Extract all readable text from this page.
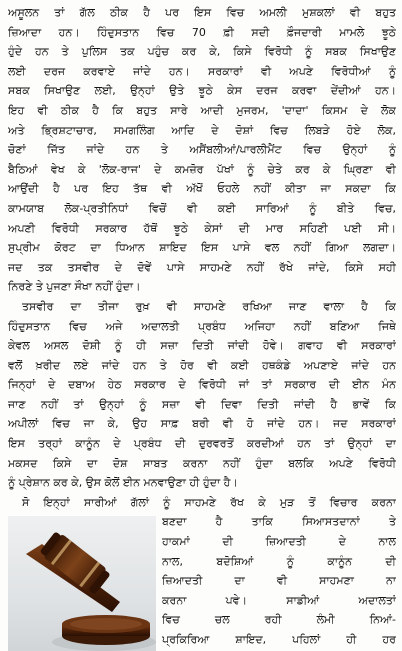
ਅਸੂਲਨ ਤਾਂ ਗੱਲ ਠੀਕ ਹੈ ਪਰ ਇਸ ਵਿਚ ਅਮਲੀ ਮੁਸ਼ਕਲਾਂ ਵੀ ਬਹੁਤ
ਜ਼ਿਆਦਾ ਹਨ। ਹਿੰਦੁਸਤਾਨ ਵਿਚ 70 ਫ਼ੀ ਸਦੀ ਫ਼ੌਜਦਾਰੀ ਮਾਮਲੇ ਝੂਠੇ
ਹੁੰਦੇ ਹਨ ਤੇ ਪੁਲਿਸ ਤਕ ਪਹੁੰਚ ਕਰ ਕੇ, ਕਿਸੇ ਵਿਰੋਧੀ ਨੂੰ ਸਬਕ ਸਿਖਾਉਣ
ਲਈ ਦਰਜ ਕਰਵਾਏ ਜਾਂਦੇ ਹਨ। ਸਰਕਾਰਾਂ ਵੀ ਅਪਣੇ ਵਿਰੋਧੀਆਂ ਨੂੰ
ਸਬਕ ਸਿਖਾਉਣ ਲਈ, ਉਨ੍ਹਾਂ ਉਤੇ ਝੂਠੇ ਕੇਸ ਦਰਜ ਕਰਵਾ ਦੇਂਦੀਆਂ ਹਨ।
ਇਹ ਵੀ ਠੀਕ ਹੈ ਕਿ ਬਹੁਤ ਸਾਰੇ ਆਦੀ ਮੁਜਰਮ, 'ਦਾਦਾ' ਕਿਸਮ ਦੇ ਲੋਕ
ਅਤੇ ਭ੍ਰਿਸ਼ਟਾਚਾਰ, ਸਮਗਲਿੰਗ ਆਦਿ ਦੇ ਦੋਸ਼ਾਂ ਵਿਚ ਲਿਬੜੇ ਹੋਏ ਲੋਕ,
ਚੋਣਾਂ ਜਿੱਤ ਜਾਂਦੇ ਹਨ ਤੇ ਅਸੈਂਬਲੀਆਂ/ਪਾਰਲੀਮੈਂਟ ਵਿਚ ਉਨ੍ਹਾਂ ਨੂੰ
ਬੈਠਿਆਂ ਵੇਖ ਕੇ 'ਲੋਕ-ਰਾਜ' ਦੇ ਕਮਜ਼ੋਰ ਪੱਖਾਂ ਨੂੰ ਚੇਤੇ ਕਰ ਕੇ ਘ੍ਰਿਣਾ ਵੀ
ਆਉਂਦੀ ਹੈ ਪਰ ਇਹ ਤੱਥ ਵੀ ਅੱਖੋਂ ਓਹਲੇ ਨਹੀਂ ਕੀਤਾ ਜਾ ਸਕਦਾ ਕਿ
ਕਾਮਯਾਬ ਲੋਕ-ਪ੍ਰਤੀਨਿਧਾਂ ਵਿਚੋਂ ਵੀ ਕਈ ਸਾਰਿਆਂ ਨੂੰ ਬੀਤੇ ਵਿਚ,
ਅਪਣੀ ਵਿਰੋਧੀ ਸਰਕਾਰ ਹੱਥੋਂ ਝੂਠੇ ਕੇਸਾਂ ਦੀ ਮਾਰ ਸਹਿਣੀ ਪਈ ਸੀ।
ਸੁਪ੍ਰੀਮ ਕੋਰਟ ਦਾ ਧਿਆਨ ਸ਼ਾਇਦ ਇਸ ਪਾਸੇ ਵਲ ਨਹੀਂ ਗਿਆ ਲਗਦਾ।
ਜਦ ਤਕ ਤਸਵੀਰ ਦੇ ਦੋਵੇਂ ਪਾਸੇ ਸਾਹਮਣੇ ਨਹੀਂ ਰੱਖੇ ਜਾਂਦੇ, ਕਿਸੇ ਸਹੀ
ਨਿਰਣੇ ਤੇ ਪੁਜਣਾ ਸੌਖਾ ਨਹੀਂ ਹੁੰਦਾ।
ਤਸਵੀਰ ਦਾ ਤੀਜਾ ਰੁਖ਼ ਵੀ ਸਾਹਮਣੇ ਰਖਿਆ ਜਾਣ ਵਾਲਾ ਹੈ ਕਿ
ਹਿੰਦੁਸਤਾਨ ਵਿਚ ਅਜੇ ਅਦਾਲਤੀ ਪ੍ਰਬੰਧ ਅਜਿਹਾ ਨਹੀਂ ਬਣਿਆ ਜਿਥੇ
ਕੇਵਲ ਅਸਲ ਦੋਸ਼ੀ ਨੂੰ ਹੀ ਸਜ਼ਾ ਦਿਤੀ ਜਾਂਦੀ ਹੋਵੇ। ਗਵਾਹ ਵੀ ਸਰਕਾਰਾਂ
ਵਲੋਂ ਖ਼ਰੀਦ ਲਏ ਜਾਂਦੇ ਹਨ ਤੇ ਹੋਰ ਵੀ ਕਈ ਹਥਕੰਡੇ ਅਪਣਾਏ ਜਾਂਦੇ ਹਨ
ਜਿਨ੍ਹਾਂ ਦੇ ਦਬਾਅ ਹੇਠ ਸਰਕਾਰ ਦੇ ਵਿਰੋਧੀ ਜਾਂ ਤਾਂ ਸਰਕਾਰ ਦੀ ਈਨ ਮੰਨ
ਜਾਣ ਨਹੀਂ ਤਾਂ ਉਨ੍ਹਾਂ ਨੂੰ ਸਜ਼ਾ ਵੀ ਦਿਵਾ ਦਿਤੀ ਜਾਂਦੀ ਹੈ ਭਾਵੇਂ ਕਿ
ਅਪੀਲਾਂ ਵਿਚ ਜਾ ਕੇ, ਉਹ ਸਾਫ਼ ਬਰੀ ਵੀ ਹੋ ਜਾਂਦੇ ਹਨ। ਜਦ ਸਰਕਾਰਾਂ
ਇਸ ਤਰ੍ਹਾਂ ਕਾਨੂੰਨ ਦੇ ਪ੍ਰਬੰਧ ਦੀ ਦੁਰਵਰਤੋਂ ਕਰਦੀਆਂ ਹਨ ਤਾਂ ਉਨ੍ਹਾਂ ਦਾ
ਮਕਸਦ ਕਿਸੇ ਦਾ ਦੋਸ਼ ਸਾਬਤ ਕਰਨਾ ਨਹੀਂ ਹੁੰਦਾ ਬਲਕਿ ਅਪਣੇ ਵਿਰੋਧੀ
ਨੂੰ ਪ੍ਰੇਸ਼ਾਨ ਕਰ ਕੇ, ਉਸ ਕੋਲੋਂ ਈਨ ਮਨਵਾਉਣਾ ਹੀ ਹੁੰਦਾ ਹੈ।
ਸੋ ਇਨ੍ਹਾਂ ਸਾਰੀਆਂ ਗੱਲਾਂ ਨੂੰ ਸਾਹਮਣੇ ਰੱਖ ਕੇ ਮੁੜ ਤੋਂ ਵਿਚਾਰ ਕਰਨਾ
ਬਣਦਾ ਹੈ ਤਾਕਿ ਸਿਆਸਤਦਾਨਾਂ ਤੇ
ਹਾਕਮਾਂ ਦੀ ਜ਼ਿਆਦਤੀ ਦੇ ਨਾਲ
ਨਾਲ, ਬਦੋਸ਼ਿਆਂ ਨੂੰ ਕਾਨੂੰਨ ਦੀ
ਜ਼ਿਆਦਤੀ ਦਾ ਵੀ ਸਾਹਮਣਾ ਨਾ
ਕਰਨਾ ਪਵੇ। ਸਾਡੀਆਂ ਅਦਾਲਤਾਂ
ਵਿਚ ਚਲ ਰਹੀ ਲੰਮੀ ਨਿਆਂ-
ਪ੍ਰਕਿਰਿਆ ਸ਼ਾਇਦ, ਪਹਿਲਾਂ ਹੀ ਹਰ
